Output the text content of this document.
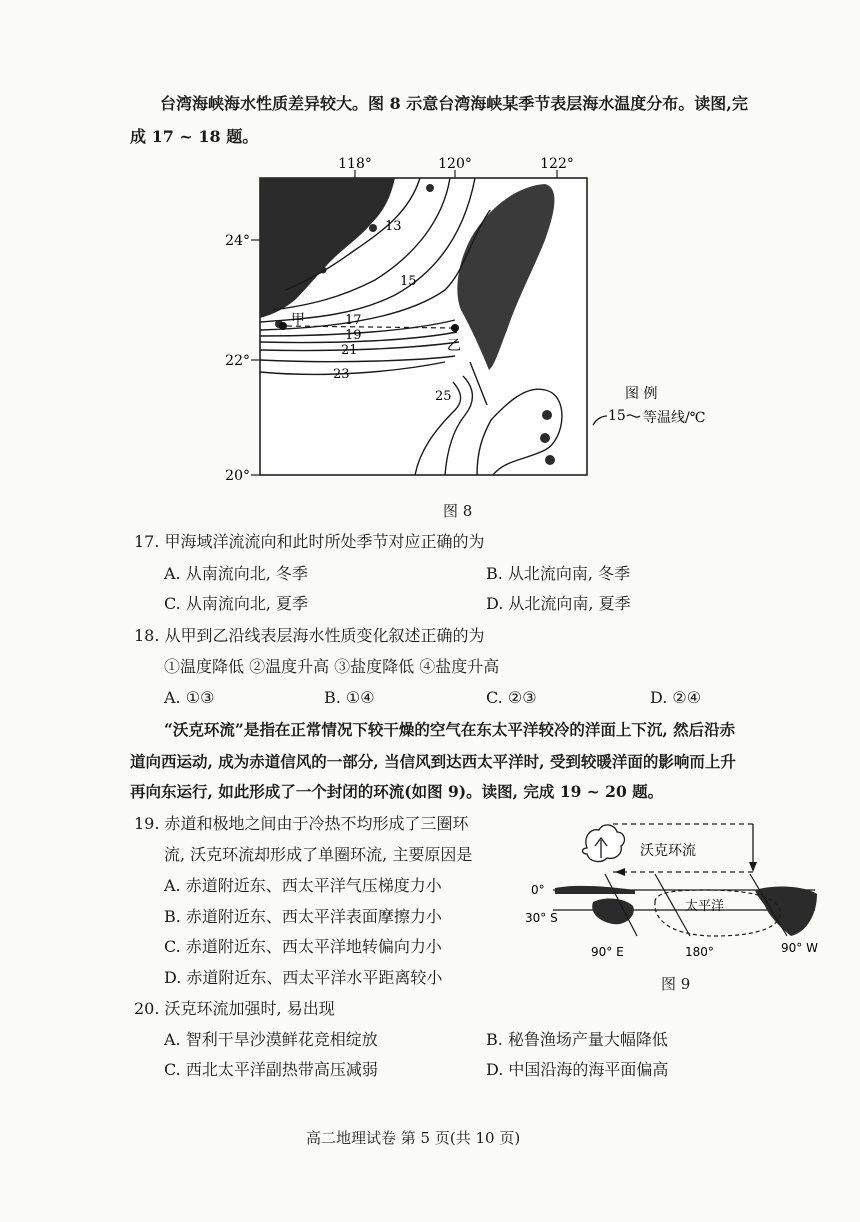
台湾海峡海水性质差异较大。图 8 示意台湾海峡某季节表层海水温度分布。读图,完
成 17 ~ 18 题。
118°	120°	122°
24°
22°
20°
甲
乙
13
15
17
19
21
23
25	图 例
15 等温线/℃
图 8
17. 甲海域洋流流向和此时所处季节对应正确的为
A. 从南流向北, 冬季	B. 从北流向南, 冬季
C. 从南流向北, 夏季	D. 从北流向南, 夏季
18. 从甲到乙沿线表层海水性质变化叙述正确的为
①温度降低 ②温度升高 ③盐度降低 ④盐度升高
A. ①③	B. ①④	C. ②③	D. ②④
“沃克环流”是指在正常情况下较干燥的空气在东太平洋较冷的洋面上下沉, 然后沿赤
道向西运动, 成为赤道信风的一部分, 当信风到达西太平洋时, 受到较暖洋面的影响而上升
再向东运行, 如此形成了一个封闭的环流(如图 9)。读图, 完成 19 ~ 20 题。
19. 赤道和极地之间由于冷热不均形成了三圈环
流, 沃克环流却形成了单圈环流, 主要原因是
A. 赤道附近东、西太平洋气压梯度力小
B. 赤道附近东、西太平洋表面摩擦力小
C. 赤道附近东、西太平洋地转偏向力小
D. 赤道附近东、西太平洋水平距离较小
沃克环流
0°
30° S
太平洋
90° E	180°	90° W
图 9
20. 沃克环流加强时, 易出现
A. 智利干旱沙漠鲜花竞相绽放	B. 秘鲁渔场产量大幅降低
C. 西北太平洋副热带高压减弱	D. 中国沿海的海平面偏高
高二地理试卷 第 5 页(共 10 页)
